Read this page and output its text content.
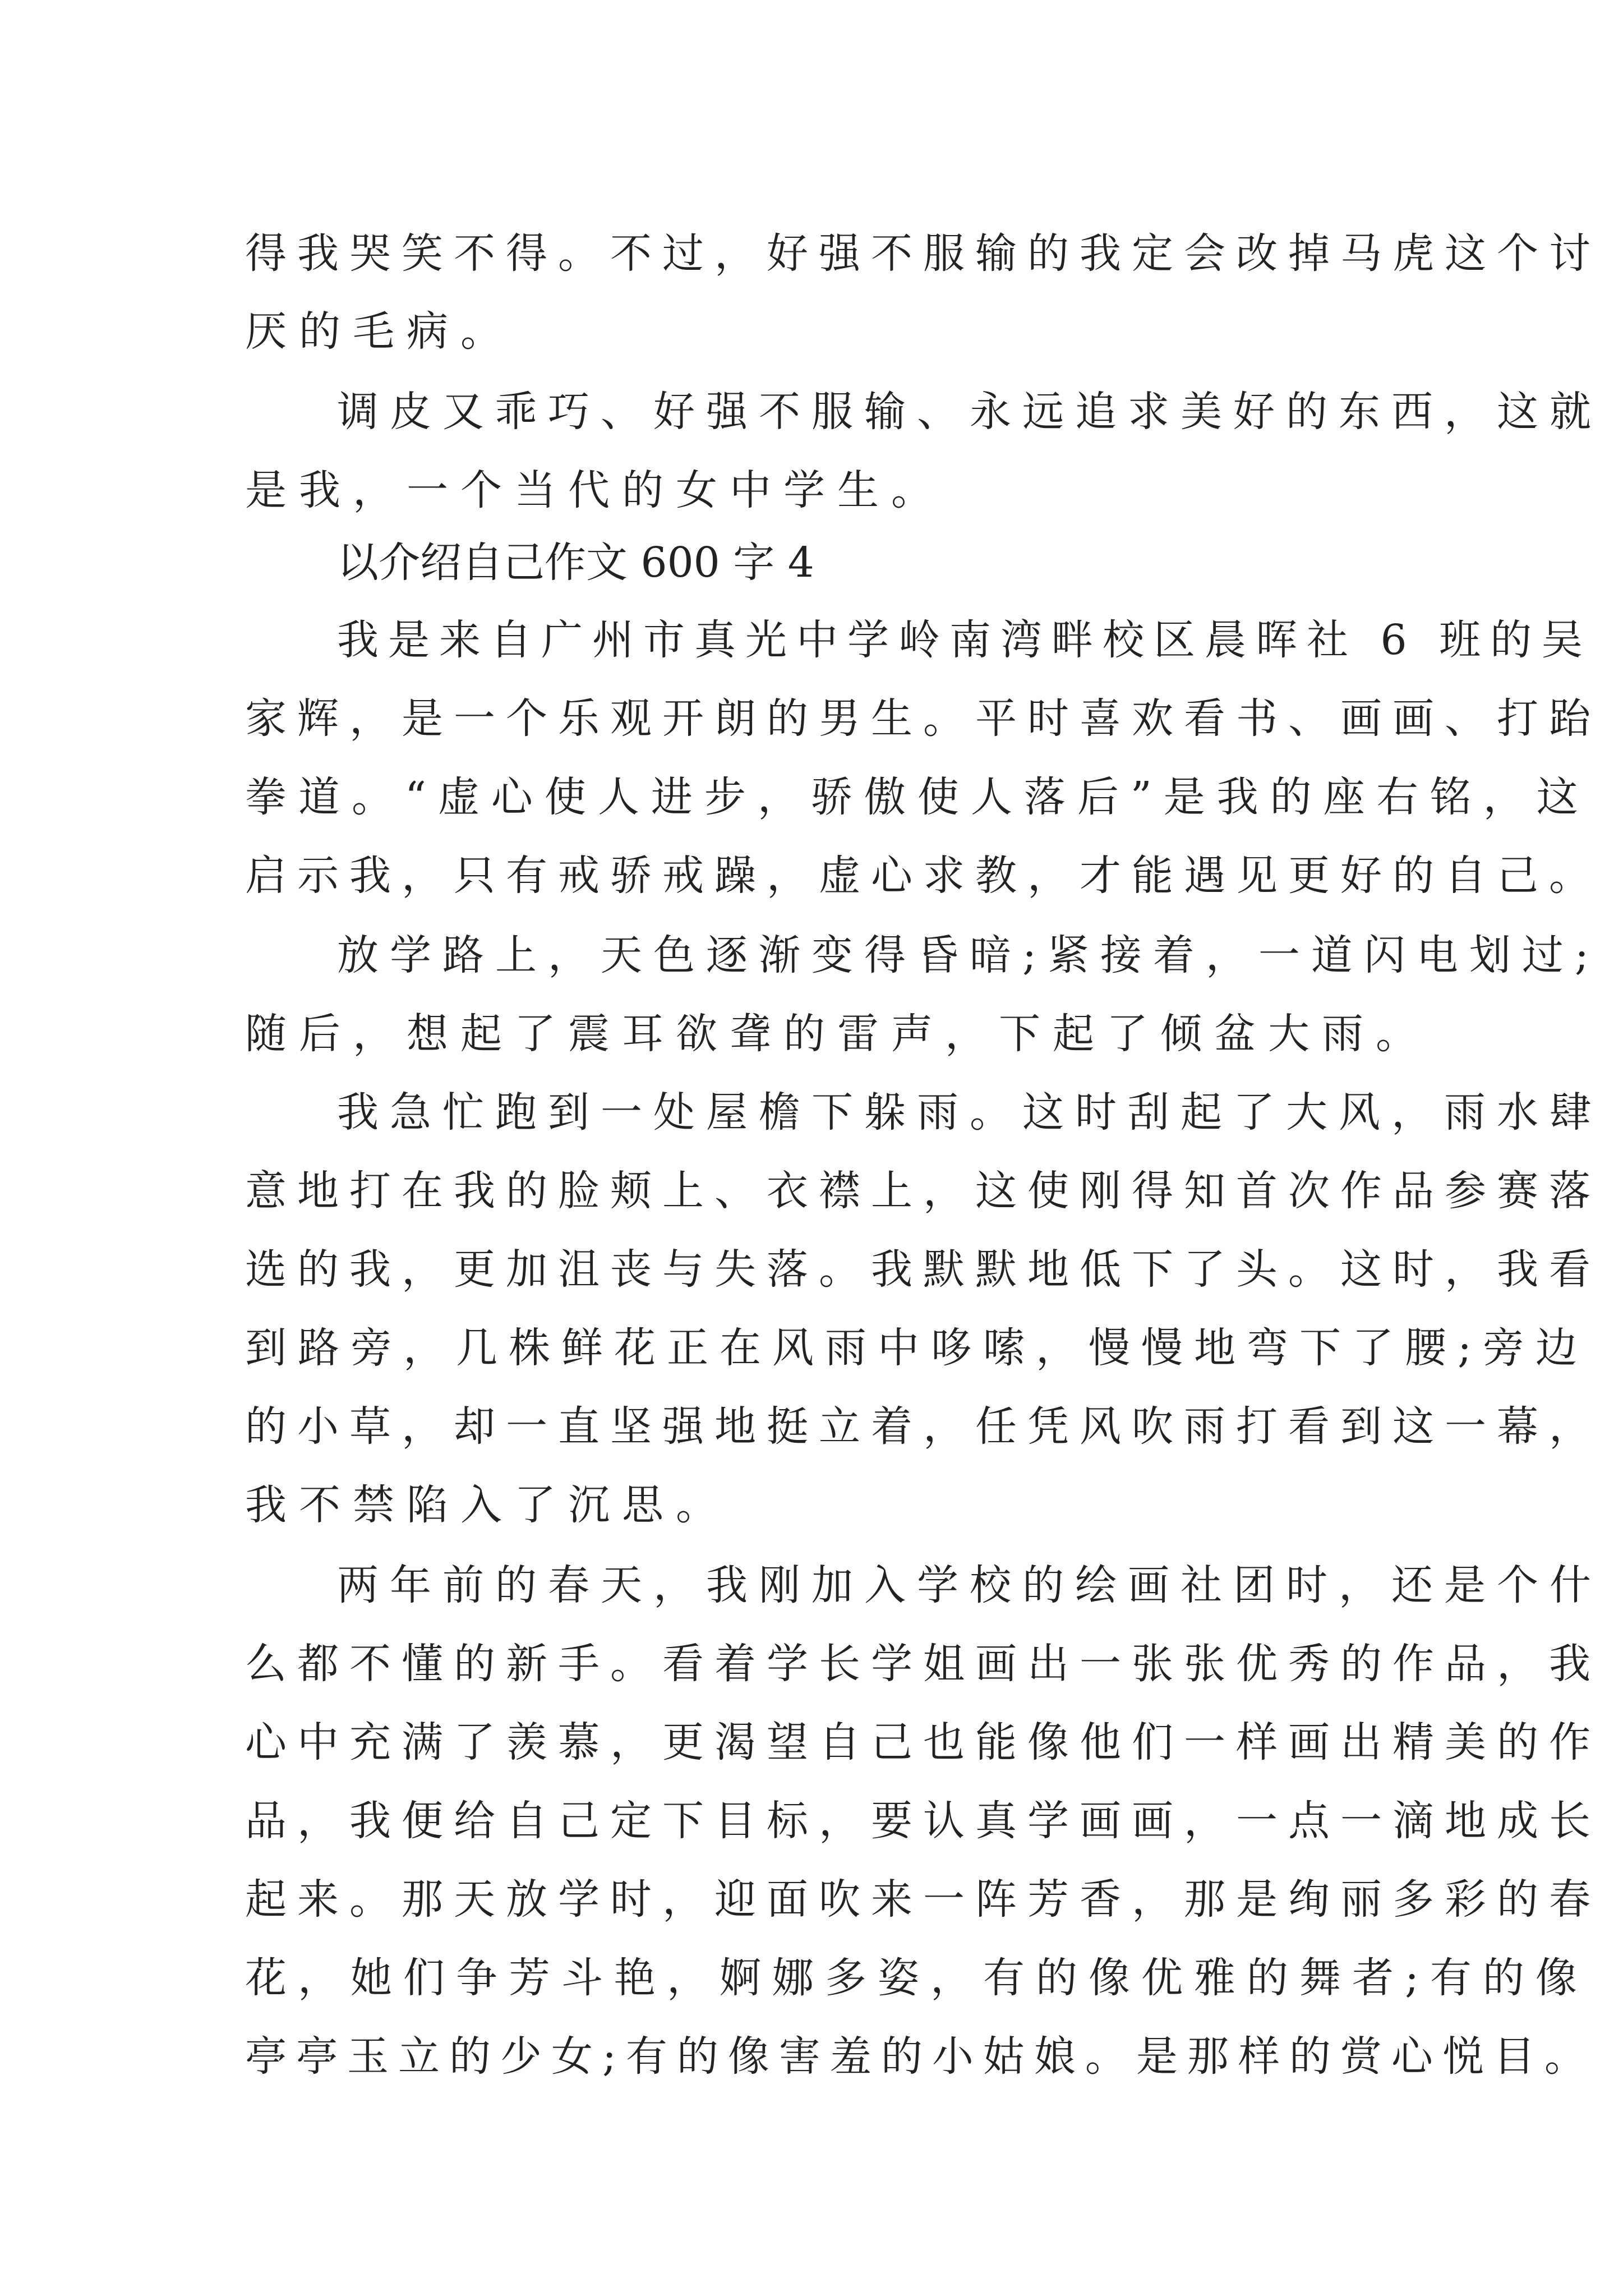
得我哭笑不得。不过，好强不服输的我定会改掉马虎这个讨
厌的毛病。
调皮又乖巧、好强不服输、永远追求美好的东西，这就
是我，一个当代的女中学生。
以介绍自己作文 600 字 4
我是来自广州市真光中学岭南湾畔校区晨晖社 6 班的吴
家辉，是一个乐观开朗的男生。平时喜欢看书、画画、打跆
拳道。“虚心使人进步，骄傲使人落后”是我的座右铭，这
启示我，只有戒骄戒躁，虚心求教，才能遇见更好的自己。
放学路上，天色逐渐变得昏暗;紧接着，一道闪电划过;
随后，想起了震耳欲聋的雷声，下起了倾盆大雨。
我急忙跑到一处屋檐下躲雨。这时刮起了大风，雨水肆
意地打在我的脸颊上、衣襟上，这使刚得知首次作品参赛落
选的我，更加沮丧与失落。我默默地低下了头。这时，我看
到路旁，几株鲜花正在风雨中哆嗦，慢慢地弯下了腰;旁边
的小草，却一直坚强地挺立着，任凭风吹雨打看到这一幕，
我不禁陷入了沉思。
两年前的春天，我刚加入学校的绘画社团时，还是个什
么都不懂的新手。看着学长学姐画出一张张优秀的作品，我
心中充满了羡慕，更渴望自己也能像他们一样画出精美的作
品，我便给自己定下目标，要认真学画画，一点一滴地成长
起来。那天放学时，迎面吹来一阵芳香，那是绚丽多彩的春
花，她们争芳斗艳，婀娜多姿，有的像优雅的舞者;有的像
亭亭玉立的少女;有的像害羞的小姑娘。是那样的赏心悦目。
